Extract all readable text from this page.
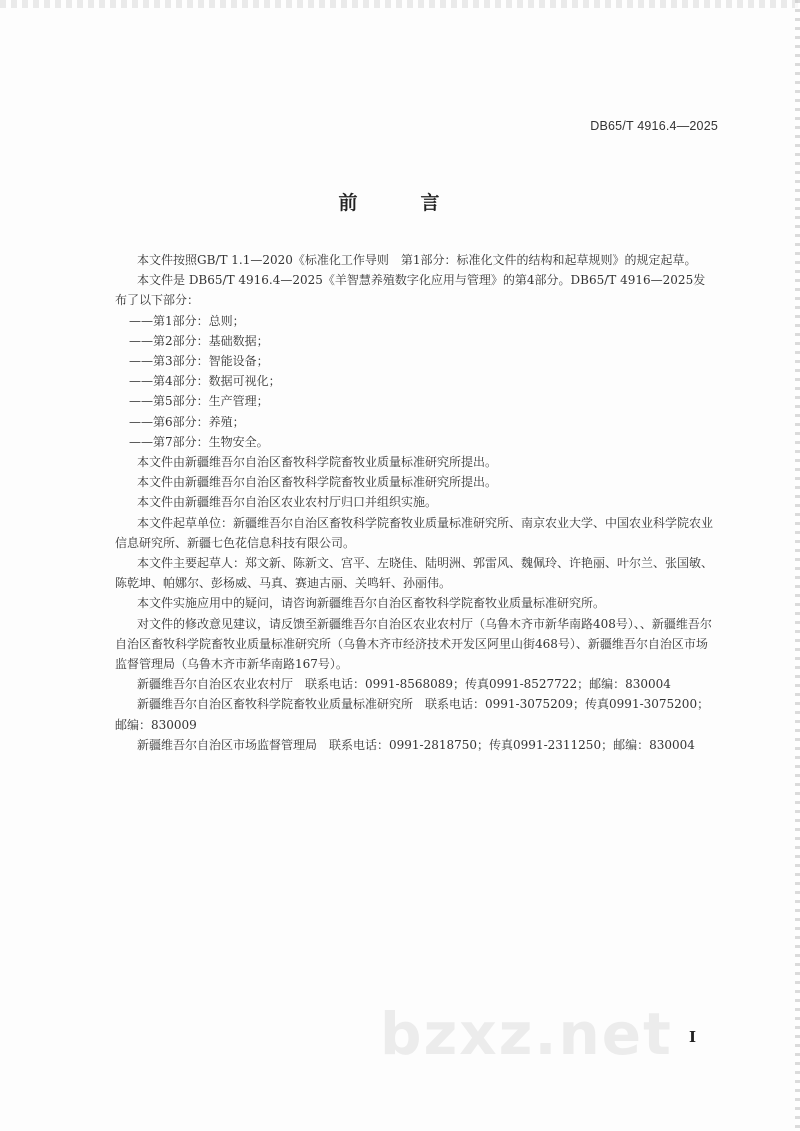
DB65/T 4916.4—2025
前　言

本文件按照GB/T 1.1—2020《标准化工作导则　第1部分：标准化文件的结构和起草规则》的规定起草。

本文件是 DB65/T 4916.4—2025《羊智慧养殖数字化应用与管理》的第4部分。DB65/T 4916—2025发布了以下部分：

——第1部分：总则；

——第2部分：基础数据；

——第3部分：智能设备；

——第4部分：数据可视化；

——第5部分：生产管理；

——第6部分：养殖；

——第7部分：生物安全。

本文件由新疆维吾尔自治区畜牧科学院畜牧业质量标准研究所提出。

本文件由新疆维吾尔自治区畜牧科学院畜牧业质量标准研究所提出。

本文件由新疆维吾尔自治区农业农村厅归口并组织实施。

本文件起草单位：新疆维吾尔自治区畜牧科学院畜牧业质量标准研究所、南京农业大学、中国农业科学院农业信息研究所、新疆七色花信息科技有限公司。

本文件主要起草人：郑文新、陈新文、宫平、左晓佳、陆明洲、郭雷风、魏佩玲、许艳丽、叶尔兰、张国敏、陈乾坤、帕娜尔、彭杨威、马真、赛迪古丽、关鸣轩、孙丽伟。

本文件实施应用中的疑问，请咨询新疆维吾尔自治区畜牧科学院畜牧业质量标准研究所。

对文件的修改意见建议，请反馈至新疆维吾尔自治区农业农村厅（乌鲁木齐市新华南路408号）、、新疆维吾尔自治区畜牧科学院畜牧业质量标准研究所（乌鲁木齐市经济技术开发区阿里山街468号）、新疆维吾尔自治区市场监督管理局（乌鲁木齐市新华南路167号）。

新疆维吾尔自治区农业农村厅　联系电话：0991-8568089；传真0991-8527722；邮编：830004

新疆维吾尔自治区畜牧科学院畜牧业质量标准研究所　联系电话：0991-3075209；传真0991-3075200；邮编：830009

新疆维吾尔自治区市场监督管理局　联系电话：0991-2818750；传真0991-2311250；邮编：830004

bzxz.net I
